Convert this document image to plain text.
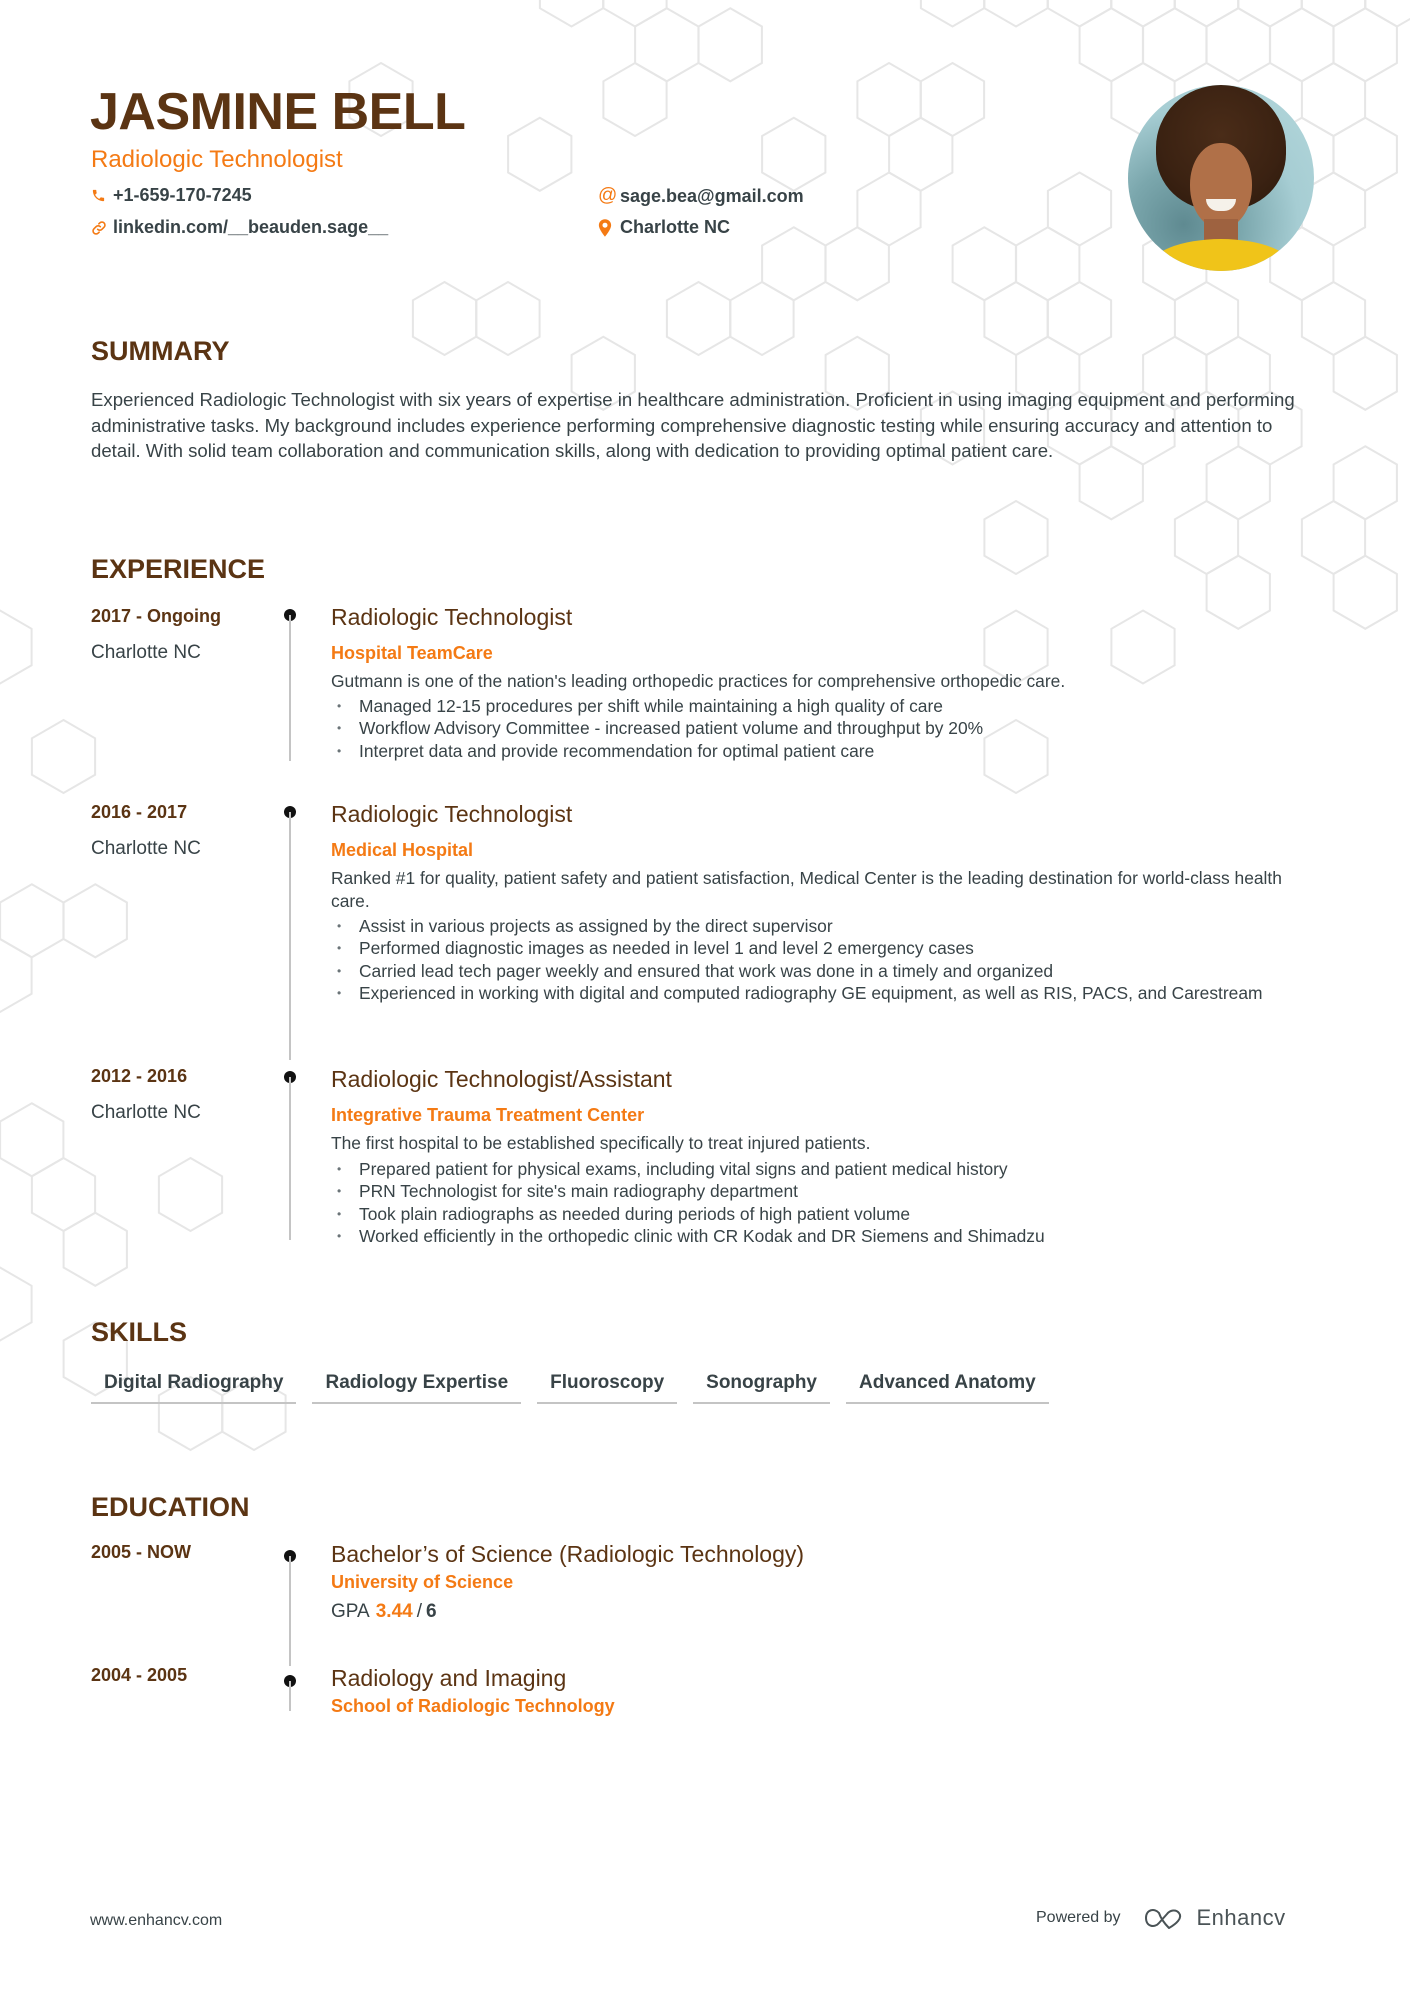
JASMINE BELL
Radiologic Technologist
+1-659-170-7245
linkedin.com/__beauden.sage__
@ sage.bea@gmail.com
Charlotte NC
SUMMARY
Experienced Radiologic Technologist with six years of expertise in healthcare administration. Proficient in using imaging equipment and performing administrative tasks. My background includes experience performing comprehensive diagnostic testing while ensuring accuracy and attention to detail. With solid team collaboration and communication skills, along with dedication to providing optimal patient care.
EXPERIENCE
2017 - Ongoing
Charlotte NC
Radiologic Technologist
Hospital TeamCare
Gutmann is one of the nation's leading orthopedic practices for comprehensive orthopedic care.
• Managed 12-15 procedures per shift while maintaining a high quality of care
• Workflow Advisory Committee - increased patient volume and throughput by 20%
• Interpret data and provide recommendation for optimal patient care
2016 - 2017
Charlotte NC
Radiologic Technologist
Medical Hospital
Ranked #1 for quality, patient safety and patient satisfaction, Medical Center is the leading destination for world-class health care.
• Assist in various projects as assigned by the direct supervisor
• Performed diagnostic images as needed in level 1 and level 2 emergency cases
• Carried lead tech pager weekly and ensured that work was done in a timely and organized
• Experienced in working with digital and computed radiography GE equipment, as well as RIS, PACS, and Carestream
2012 - 2016
Charlotte NC
Radiologic Technologist/Assistant
Integrative Trauma Treatment Center
The first hospital to be established specifically to treat injured patients.
• Prepared patient for physical exams, including vital signs and patient medical history
• PRN Technologist for site's main radiography department
• Took plain radiographs as needed during periods of high patient volume
• Worked efficiently in the orthopedic clinic with CR Kodak and DR Siemens and Shimadzu
SKILLS
Digital Radiography	Radiology Expertise	Fluoroscopy	Sonography	Advanced Anatomy
EDUCATION
2005 - NOW	Bachelor’s of Science (Radiologic Technology)
University of Science
GPA 3.44 / 6
2004 - 2005	Radiology and Imaging
School of Radiologic Technology
www.enhancv.com	Powered by	Enhancv
